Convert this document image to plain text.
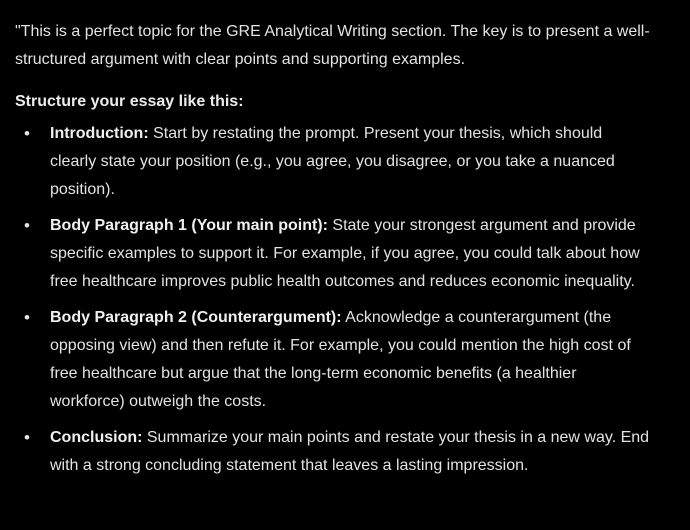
"This is a perfect topic for the GRE Analytical Writing section. The key is to present a well-structured argument with clear points and supporting examples.

Structure your essay like this:
• Introduction: Start by restating the prompt. Present your thesis, which should clearly state your position (e.g., you agree, you disagree, or you take a nuanced position).
• Body Paragraph 1 (Your main point): State your strongest argument and provide specific examples to support it. For example, if you agree, you could talk about how free healthcare improves public health outcomes and reduces economic inequality.
• Body Paragraph 2 (Counterargument): Acknowledge a counterargument (the opposing view) and then refute it. For example, you could mention the high cost of free healthcare but argue that the long-term economic benefits (a healthier workforce) outweigh the costs.
• Conclusion: Summarize your main points and restate your thesis in a new way. End with a strong concluding statement that leaves a lasting impression.
